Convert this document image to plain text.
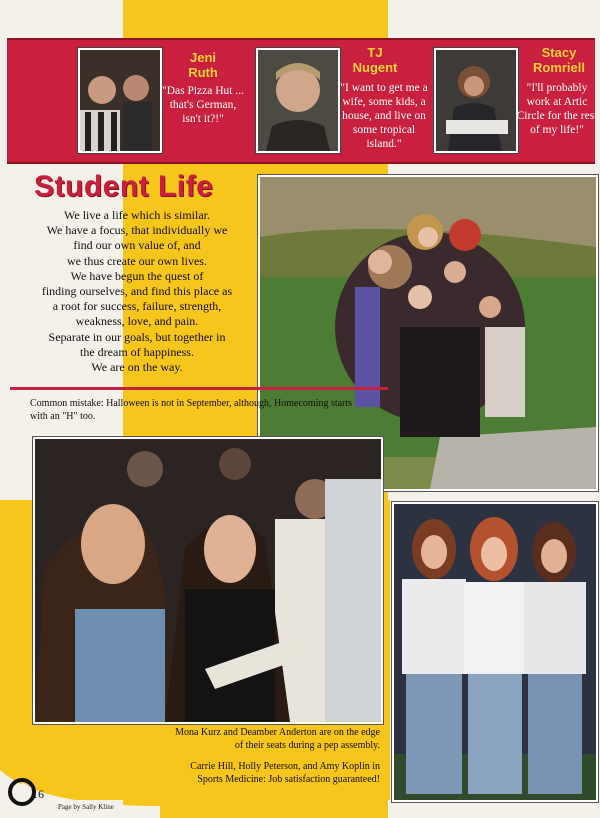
Jeni
Ruth
"Das Pizza Hut ... that's German, isn't it?!"
TJ
Nugent
"I want to get me a wife, some kids, a house, and live on some tropical island."
Stacy
Romriell
"I'll probably work at Artic Circle for the rest of my life!"
Student Life
We live a life which is similar.
We have a focus, that individually we
find our own value of, and
we thus create our own lives.
We have begun the quest of
finding ourselves, and find this place as
a root for success, failure, strength,
weakness, love, and pain.
Separate in our goals, but together in
the dream of happiness.
We are on the way.
Common mistake: Halloween is not in September, although, Homecoming starts with an "H" too.
Mona Kurz and Deamber Anderton are on the edge of their seats during a pep assembly.
Carrie Hill, Holly Peterson, and Amy Koplin in Sports Medicine: Job satisfaction guaranteed!
16
Page by Sally Kline
